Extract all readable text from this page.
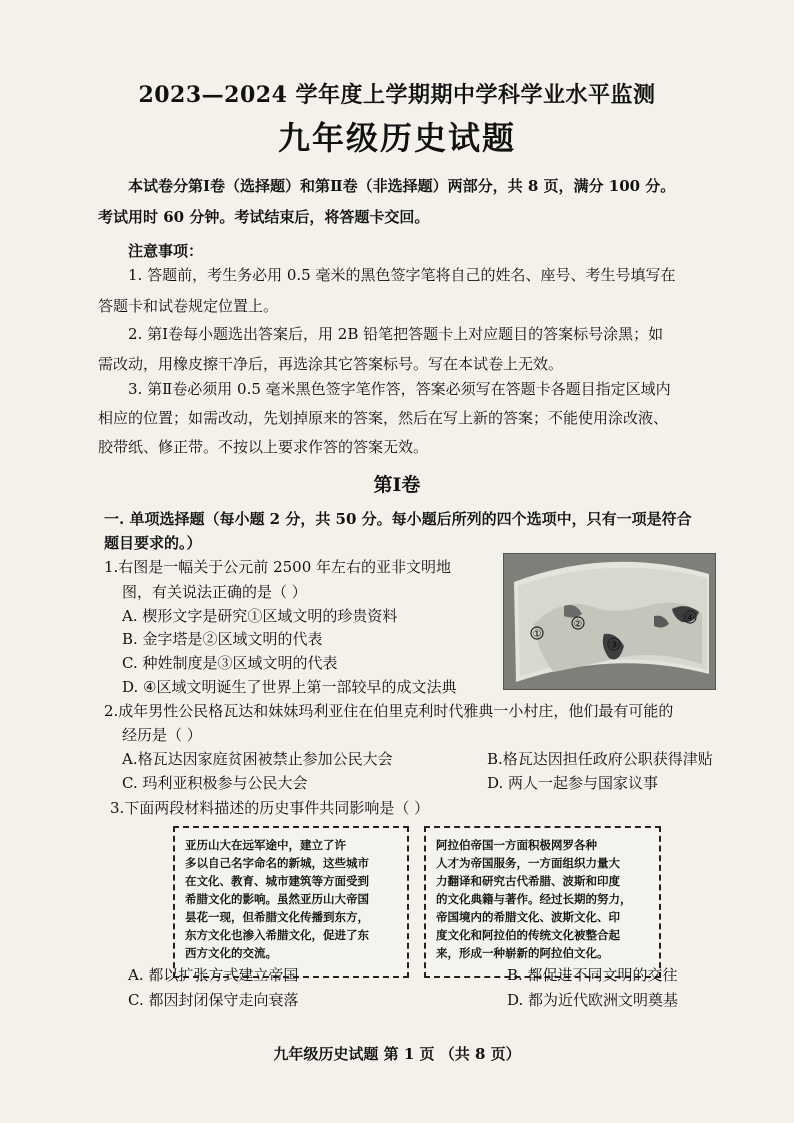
2023—2024 学年度上学期期中学科学业水平监测
九年级历史试题
本试卷分第Ⅰ卷（选择题）和第Ⅱ卷（非选择题）两部分，共 8 页，满分 100 分。
考试用时 60 分钟。考试结束后，将答题卡交回。
注意事项：
1. 答题前，考生务必用 0.5 毫米的黑色签字笔将自己的姓名、座号、考生号填写在
答题卡和试卷规定位置上。
2. 第Ⅰ卷每小题选出答案后，用 2B 铅笔把答题卡上对应题目的答案标号涂黑；如
需改动，用橡皮擦干净后，再选涂其它答案标号。写在本试卷上无效。
3. 第Ⅱ卷必须用 0.5 毫米黑色签字笔作答，答案必须写在答题卡各题目指定区域内
相应的位置；如需改动，先划掉原来的答案，然后在写上新的答案；不能使用涂改液、
胶带纸、修正带。不按以上要求作答的答案无效。
第Ⅰ卷
一. 单项选择题（每小题 2 分，共 50 分。每小题后所列的四个选项中，只有一项是符合
题目要求的。）
1.右图是一幅关于公元前 2500 年左右的亚非文明地
图，有关说法正确的是（ ）
A. 楔形文字是研究①区域文明的珍贵资料
B. 金字塔是②区域文明的代表
C. 种姓制度是③区域文明的代表
D. ④区域文明诞生了世界上第一部较早的成文法典
①
②
③
④
2.成年男性公民格瓦达和妹妹玛利亚住在伯里克利时代雅典一小村庄，他们最有可能的
经历是（ ）
A.格瓦达因家庭贫困被禁止参加公民大会	B.格瓦达因担任政府公职获得津贴
C. 玛利亚积极参与公民大会	D. 两人一起参与国家议事
3.下面两段材料描述的历史事件共同影响是（ ）
亚历山大在远军途中，建立了许
多以自己名字命名的新城，这些城市
在文化、教育、城市建筑等方面受到
希腊文化的影响。虽然亚历山大帝国
昙花一现，但希腊文化传播到东方，
东方文化也渗入希腊文化，促进了东
西方文化的交流。
阿拉伯帝国一方面积极网罗各种
人才为帝国服务，一方面组织力量大
力翻译和研究古代希腊、波斯和印度
的文化典籍与著作。经过长期的努力，
帝国境内的希腊文化、波斯文化、印
度文化和阿拉伯的传统文化被整合起
来，形成一种崭新的阿拉伯文化。
A. 都以扩张方式建立帝国	B. 都促进不同文明的交往
C. 都因封闭保守走向衰落	D. 都为近代欧洲文明奠基
九年级历史试题 第 1 页 （共 8 页）
